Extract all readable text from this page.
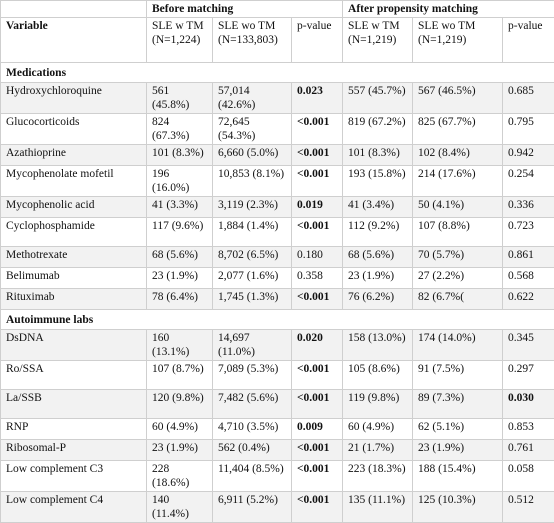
	Before matching			After propensity matching		
Variable	SLE w TM (N=1,224)	SLE wo TM (N=133,803)	p-value	SLE w TM (N=1,219)	SLE wo TM (N=1,219)	p-value
Medications						
Hydroxychloroquine	561 (45.8%)	57,014 (42.6%)	0.023	557 (45.7%)	567 (46.5%)	0.685
Glucocorticoids	824 (67.3%)	72,645 (54.3%)	<0.001	819 (67.2%)	825 (67.7%)	0.795
Azathioprine	101 (8.3%)	6,660 (5.0%)	<0.001	101 (8.3%)	102 (8.4%)	0.942
Mycophenolate mofetil	196 (16.0%)	10,853 (8.1%)	<0.001	193 (15.8%)	214 (17.6%)	0.254
Mycophenolic acid	41 (3.3%)	3,119 (2.3%)	0.019	41 (3.4%)	50 (4.1%)	0.336
Cyclophosphamide	117 (9.6%)	1,884 (1.4%)	<0.001	112 (9.2%)	107 (8.8%)	0.723
Methotrexate	68 (5.6%)	8,702 (6.5%)	0.180	68 (5.6%)	70 (5.7%)	0.861
Belimumab	23 (1.9%)	2,077 (1.6%)	0.358	23 (1.9%)	27 (2.2%)	0.568
Rituximab	78 (6.4%)	1,745 (1.3%)	<0.001	76 (6.2%)	82 (6.7%(	0.622
Autoimmune labs						
DsDNA	160 (13.1%)	14,697 (11.0%)	0.020	158 (13.0%)	174 (14.0%)	0.345
Ro/SSA	107 (8.7%)	7,089 (5.3%)	<0.001	105 (8.6%)	91 (7.5%)	0.297
La/SSB	120 (9.8%)	7,482 (5.6%)	<0.001	119 (9.8%)	89 (7.3%)	0.030
RNP	60 (4.9%)	4,710 (3.5%)	0.009	60 (4.9%)	62 (5.1%)	0.853
Ribosomal-P	23 (1.9%)	562 (0.4%)	<0.001	21 (1.7%)	23 (1.9%)	0.761
Low complement C3	228 (18.6%)	11,404 (8.5%)	<0.001	223 (18.3%)	188 (15.4%)	0.058
Low complement C4	140 (11.4%)	6,911 (5.2%)	<0.001	135 (11.1%)	125 (10.3%)	0.512
